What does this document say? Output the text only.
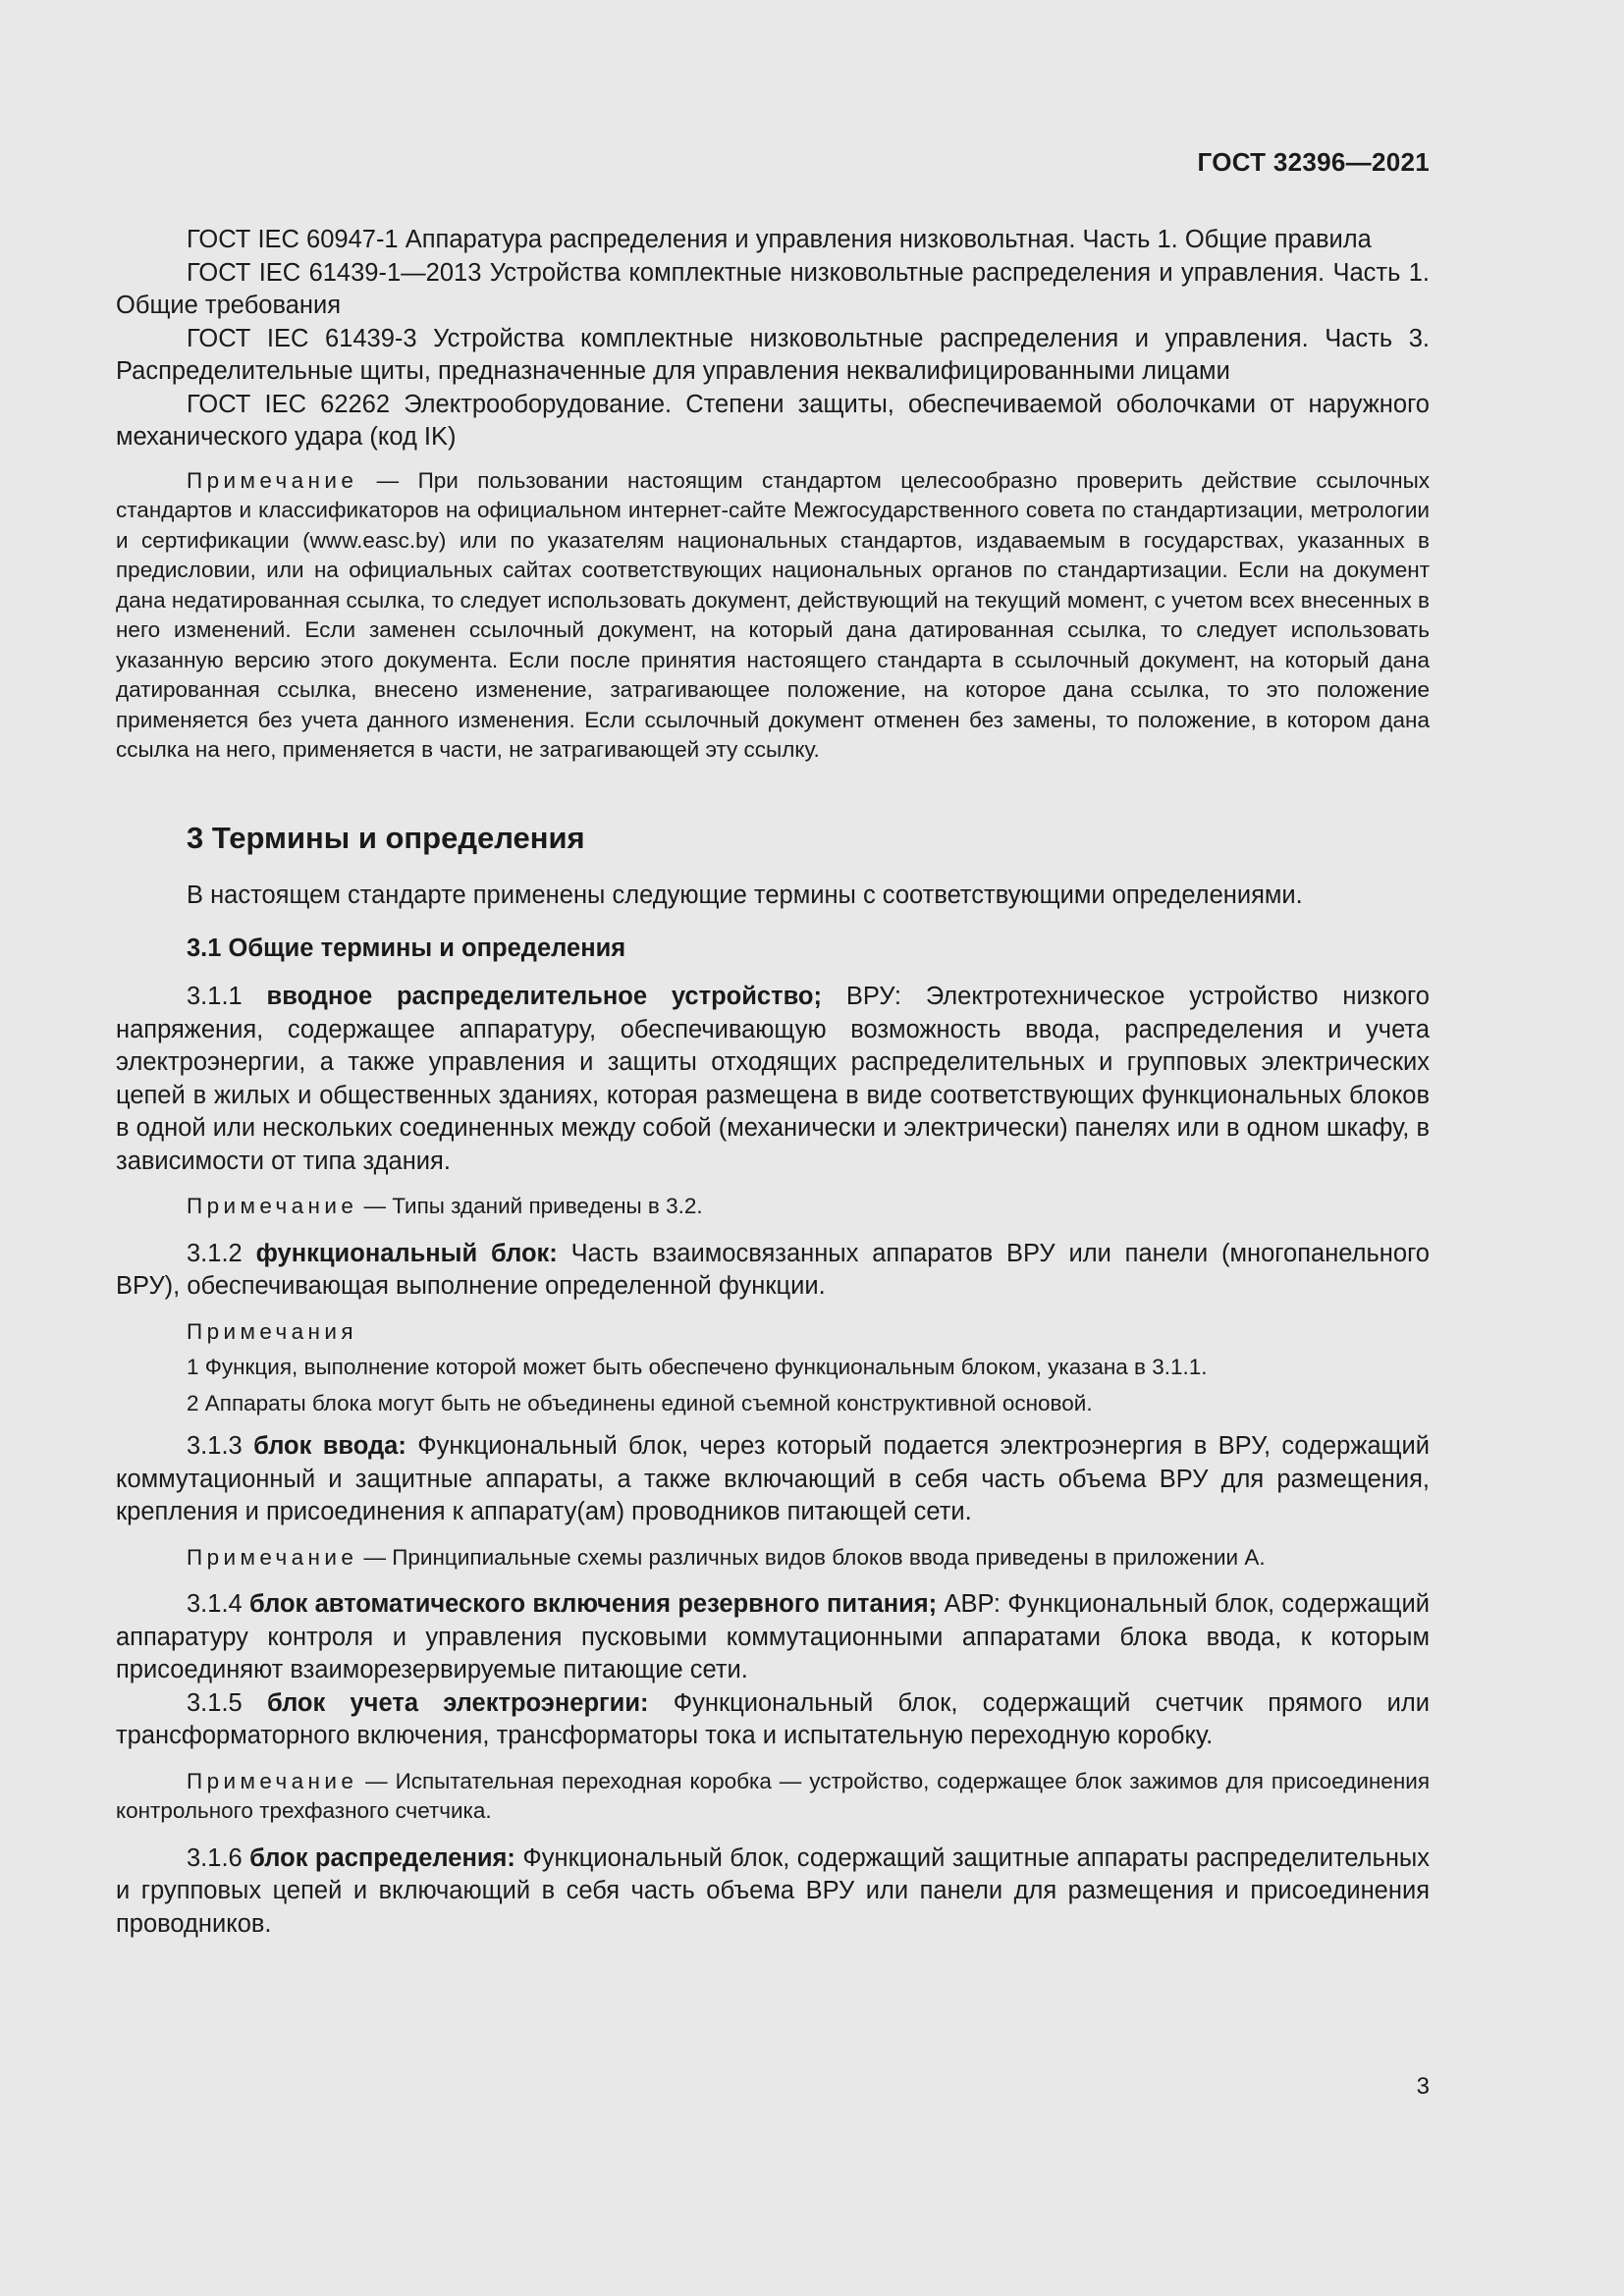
ГОСТ 32396—2021

ГОСТ IEC 60947-1 Аппаратура распределения и управления низковольтная. Часть 1. Общие правила

ГОСТ IEC 61439-1—2013 Устройства комплектные низковольтные распределения и управления. Часть 1. Общие требования

ГОСТ IEC 61439-3 Устройства комплектные низковольтные распределения и управления. Часть 3. Распределительные щиты, предназначенные для управления неквалифицированными лицами

ГОСТ IEC 62262 Электрооборудование. Степени защиты, обеспечиваемой оболочками от наружного механического удара (код IK)

Примечание — При пользовании настоящим стандартом целесообразно проверить действие ссылочных стандартов и классификаторов на официальном интернет-сайте Межгосударственного совета по стандартизации, метрологии и сертификации (www.easc.by) или по указателям национальных стандартов, издаваемым в государствах, указанных в предисловии, или на официальных сайтах соответствующих национальных органов по стандартизации. Если на документ дана недатированная ссылка, то следует использовать документ, действующий на текущий момент, с учетом всех внесенных в него изменений. Если заменен ссылочный документ, на который дана датированная ссылка, то следует использовать указанную версию этого документа. Если после принятия настоящего стандарта в ссылочный документ, на который дана датированная ссылка, внесено изменение, затрагивающее положение, на которое дана ссылка, то это положение применяется без учета данного изменения. Если ссылочный документ отменен без замены, то положение, в котором дана ссылка на него, применяется в части, не затрагивающей эту ссылку.

3 Термины и определения

В настоящем стандарте применены следующие термины с соответствующими определениями.

3.1 Общие термины и определения

3.1.1 вводное распределительное устройство; ВРУ: Электротехническое устройство низкого напряжения, содержащее аппаратуру, обеспечивающую возможность ввода, распределения и учета электроэнергии, а также управления и защиты отходящих распределительных и групповых электрических цепей в жилых и общественных зданиях, которая размещена в виде соответствующих функциональных блоков в одной или нескольких соединенных между собой (механически и электрически) панелях или в одном шкафу, в зависимости от типа здания.

Примечание — Типы зданий приведены в 3.2.

3.1.2 функциональный блок: Часть взаимосвязанных аппаратов ВРУ или панели (многопанельного ВРУ), обеспечивающая выполнение определенной функции.

Примечания

1 Функция, выполнение которой может быть обеспечено функциональным блоком, указана в 3.1.1.

2 Аппараты блока могут быть не объединены единой съемной конструктивной основой.

3.1.3 блок ввода: Функциональный блок, через который подается электроэнергия в ВРУ, содержащий коммутационный и защитные аппараты, а также включающий в себя часть объема ВРУ для размещения, крепления и присоединения к аппарату(ам) проводников питающей сети.

Примечание — Принципиальные схемы различных видов блоков ввода приведены в приложении А.

3.1.4 блок автоматического включения резервного питания; АВР: Функциональный блок, содержащий аппаратуру контроля и управления пусковыми коммутационными аппаратами блока ввода, к которым присоединяют взаиморезервируемые питающие сети.

3.1.5 блок учета электроэнергии: Функциональный блок, содержащий счетчик прямого или трансформаторного включения, трансформаторы тока и испытательную переходную коробку.

Примечание — Испытательная переходная коробка — устройство, содержащее блок зажимов для присоединения контрольного трехфазного счетчика.

3.1.6 блок распределения: Функциональный блок, содержащий защитные аппараты распределительных и групповых цепей и включающий в себя часть объема ВРУ или панели для размещения и присоединения проводников.

3
